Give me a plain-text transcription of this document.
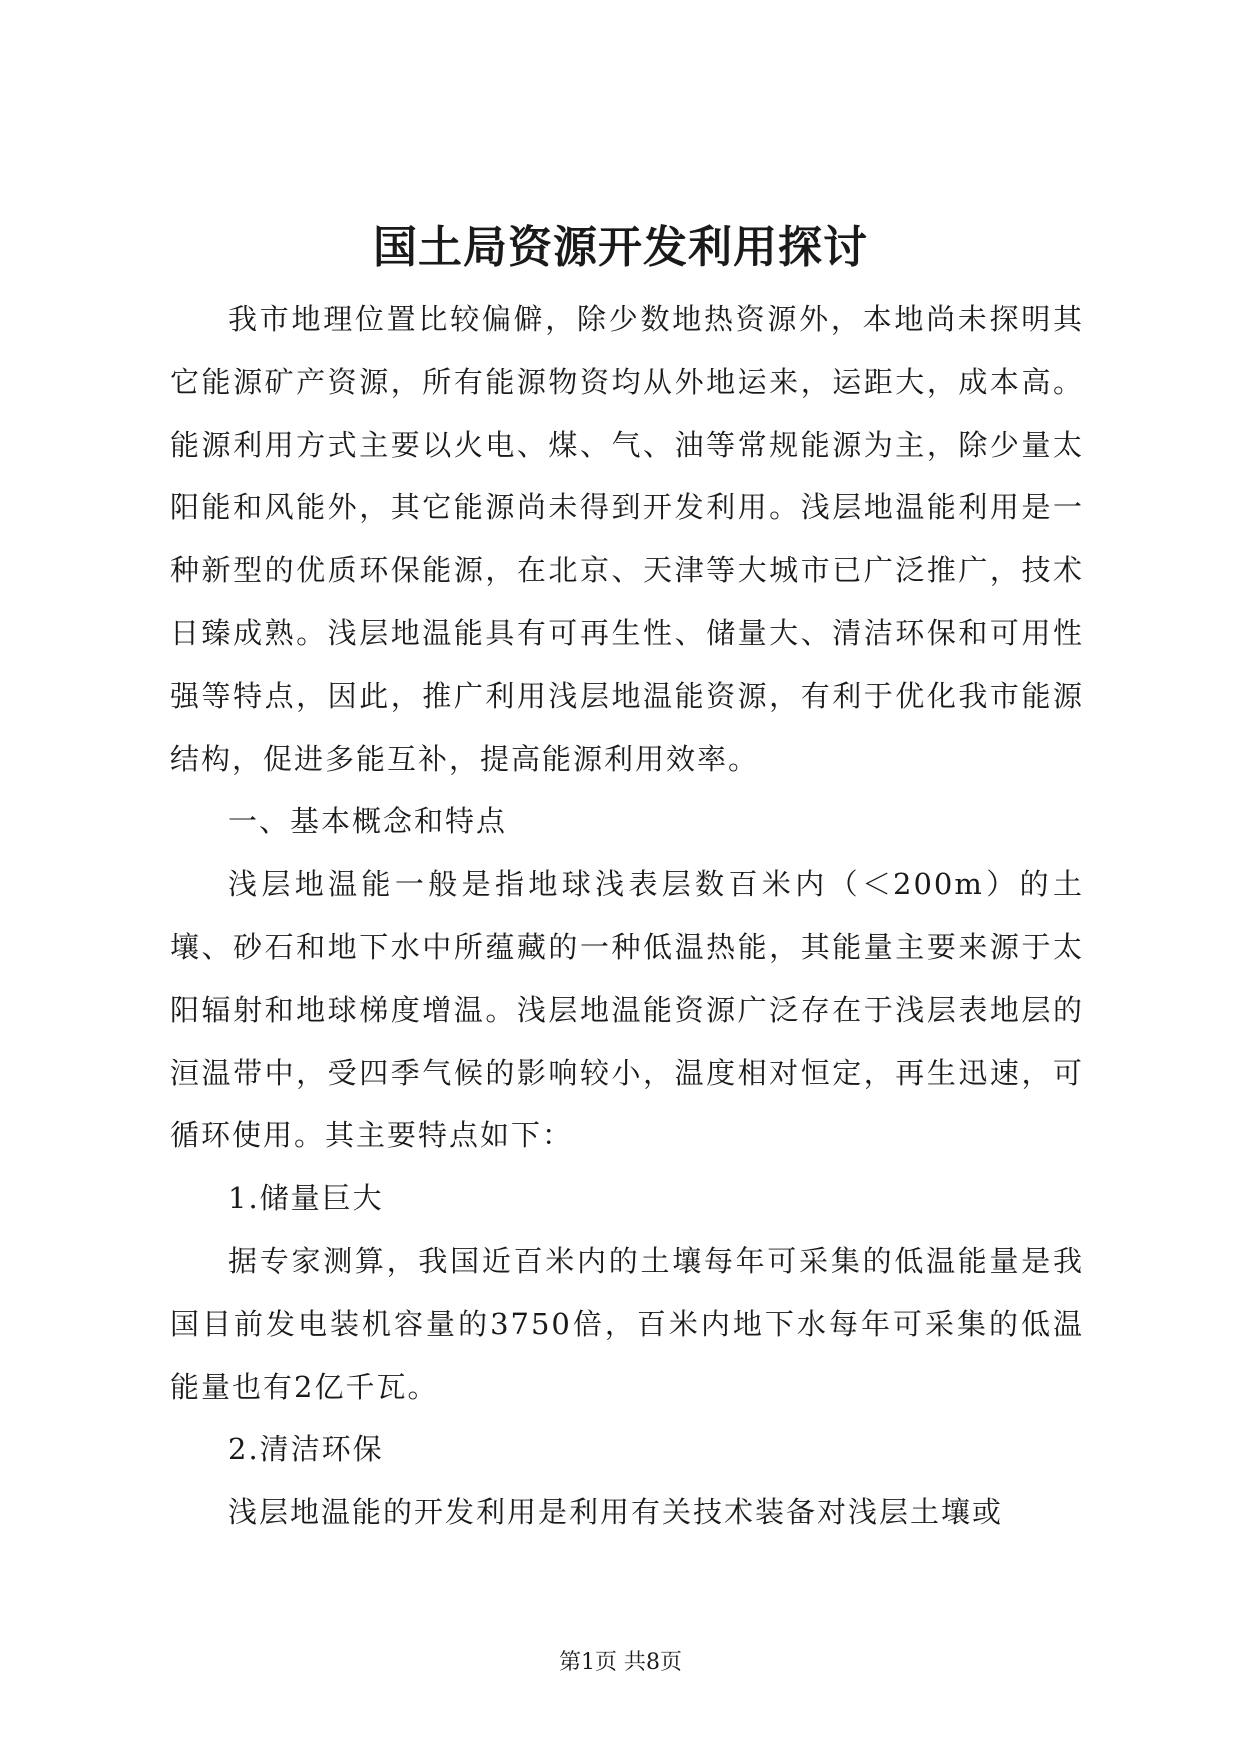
国土局资源开发利用探讨

我市地理位置比较偏僻，除少数地热资源外，本地尚未探明其它能源矿产资源，所有能源物资均从外地运来，运距大，成本高。能源利用方式主要以火电、煤、气、油等常规能源为主，除少量太阳能和风能外，其它能源尚未得到开发利用。浅层地温能利用是一种新型的优质环保能源，在北京、天津等大城市已广泛推广，技术日臻成熟。浅层地温能具有可再生性、储量大、清洁环保和可用性强等特点，因此，推广利用浅层地温能资源，有利于优化我市能源结构，促进多能互补，提高能源利用效率。

一、基本概念和特点

浅层地温能一般是指地球浅表层数百米内（＜200m）的土壤、砂石和地下水中所蕴藏的一种低温热能，其能量主要来源于太阳辐射和地球梯度增温。浅层地温能资源广泛存在于浅层表地层的洹温带中，受四季气候的影响较小，温度相对恒定，再生迅速，可循环使用。其主要特点如下：

1.储量巨大

据专家测算，我国近百米内的土壤每年可采集的低温能量是我国目前发电装机容量的3750倍，百米内地下水每年可采集的低温能量也有2亿千瓦。

2.清洁环保

浅层地温能的开发利用是利用有关技术装备对浅层土壤或

第1页 共8页
